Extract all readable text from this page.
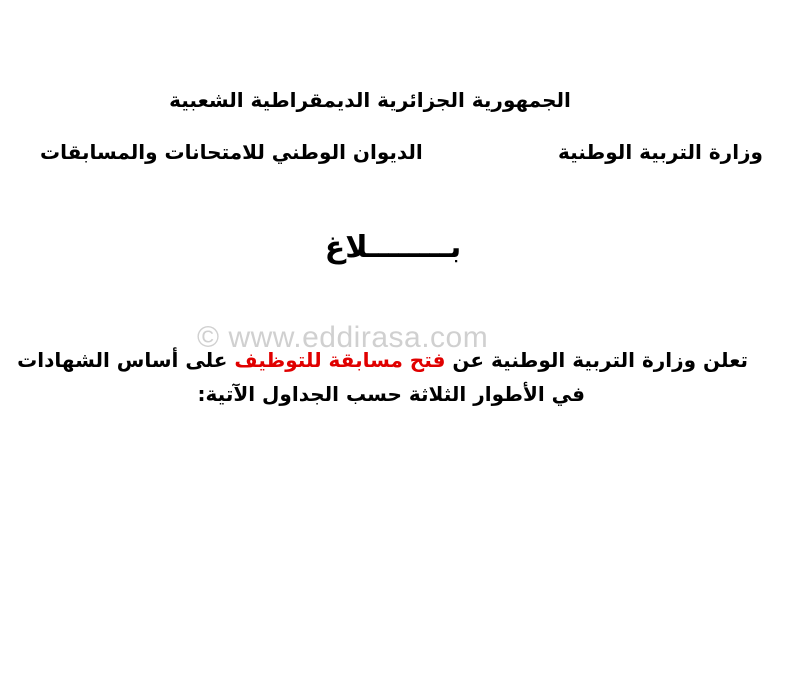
الجمهورية الجزائرية الديمقراطية الشعبية
وزارة التربية الوطنية
الديوان الوطني للامتحانات والمسابقات
بــــــــلاغ
© www.eddirasa.com
تعلن وزارة التربية الوطنية عن فتح مسابقة للتوظيف على أساس الشهادات
في الأطوار الثلاثة حسب الجداول الآتية:
